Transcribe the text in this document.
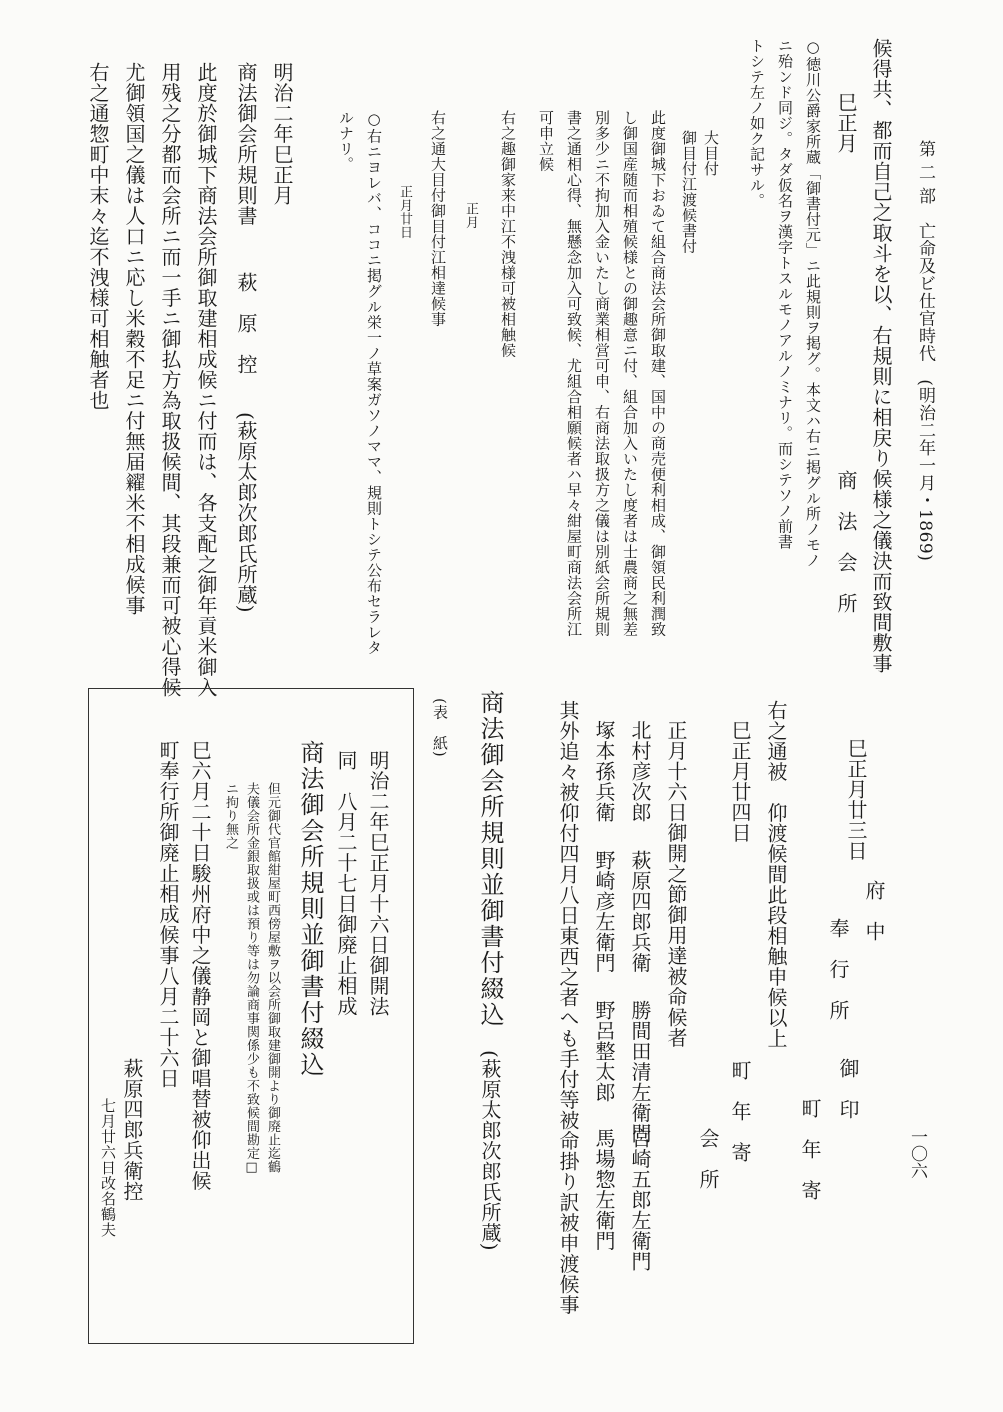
第 二 部　亡命及ビ仕官時代　(明治二年一月・1869)
一〇六
候得共、都而自己之取斗を以、右規則に相戻り候様之儀決而致間敷事
巳正月
商　法　会　所
○徳川公爵家所蔵「御書付元」ニ此規則ヲ掲グ。本文ハ右ニ掲グル所ノモノ
ニ殆ンド同ジ。タダ仮名ヲ漢字トスルモノアルノミナリ。而シテソノ前書
トシテ左ノ如ク記サル。
大目付
御目付江渡候書付
此度御城下おゐて組合商法会所御取建、国中の商売便利相成、御領民利潤致
し御国産随而相殖候様との御趣意ニ付、組合加入いたし度者は士農商之無差
別多少ニ不拘加入金いたし商業相営可申、右商法取扱方之儀は別紙会所規則
書之通相心得、無懸念加入可致候、尤組合相願候者ハ早々紺屋町商法会所江
可申立候
右之趣御家来中江不洩様可被相触候
正月
右之通大目付御目付江相達候事
正月廿日
○右ニヨレバ、ココニ掲グル栄一ノ草案ガソノママ、規則トシテ公布セラレタ
ルナリ。
明治二年巳正月
商法御会所規則書
萩　原　控
(萩原太郎次郎氏所蔵)
此度於御城下商法会所御取建相成候ニ付而は、各支配之御年貢米御入
用残之分都而会所ニ而一手ニ御払方為取扱候間、其段兼而可被心得候
尤御領国之儀は人口ニ応し米穀不足ニ付無届糴米不相成候事
右之通惣町中末々迄不洩様可相触者也
巳正月廿三日
府　中
奉　行　所
御　印
町　年　寄
右之通被　仰渡候間此段相触申候以上
巳正月廿四日
町　年　寄
会　所
正月十六日御開之節御用達被命候者
北村彦次郎
萩原四郎兵衛
勝間田清左衛門
宮崎五郎左衛門
塚本孫兵衛
野崎彦左衛門
野呂整太郎
馬場惣左衛門
其外追々被仰付四月八日東西之者へも手付等被命掛り訳被申渡候事
商法御会所規則並御書付綴込
(萩原太郎次郎氏所蔵)
(表　紙)
明治二年巳正月十六日御開法
同　八月二十七日御廃止相成
商法御会所規則並御書付綴込
但元御代官館紺屋町西傍屋敷ヲ以会所御取建御開より御廃止迄鶴
夫儀会所金銀取扱或は預り等は勿論商事関係少も不致候間勘定□
ニ拘り無之
巳六月二十日駿州府中之儀静岡と御唱替被仰出候
町奉行所御廃止相成候事八月二十六日
萩原四郎兵衛控
七月廿六日改名鶴夫
